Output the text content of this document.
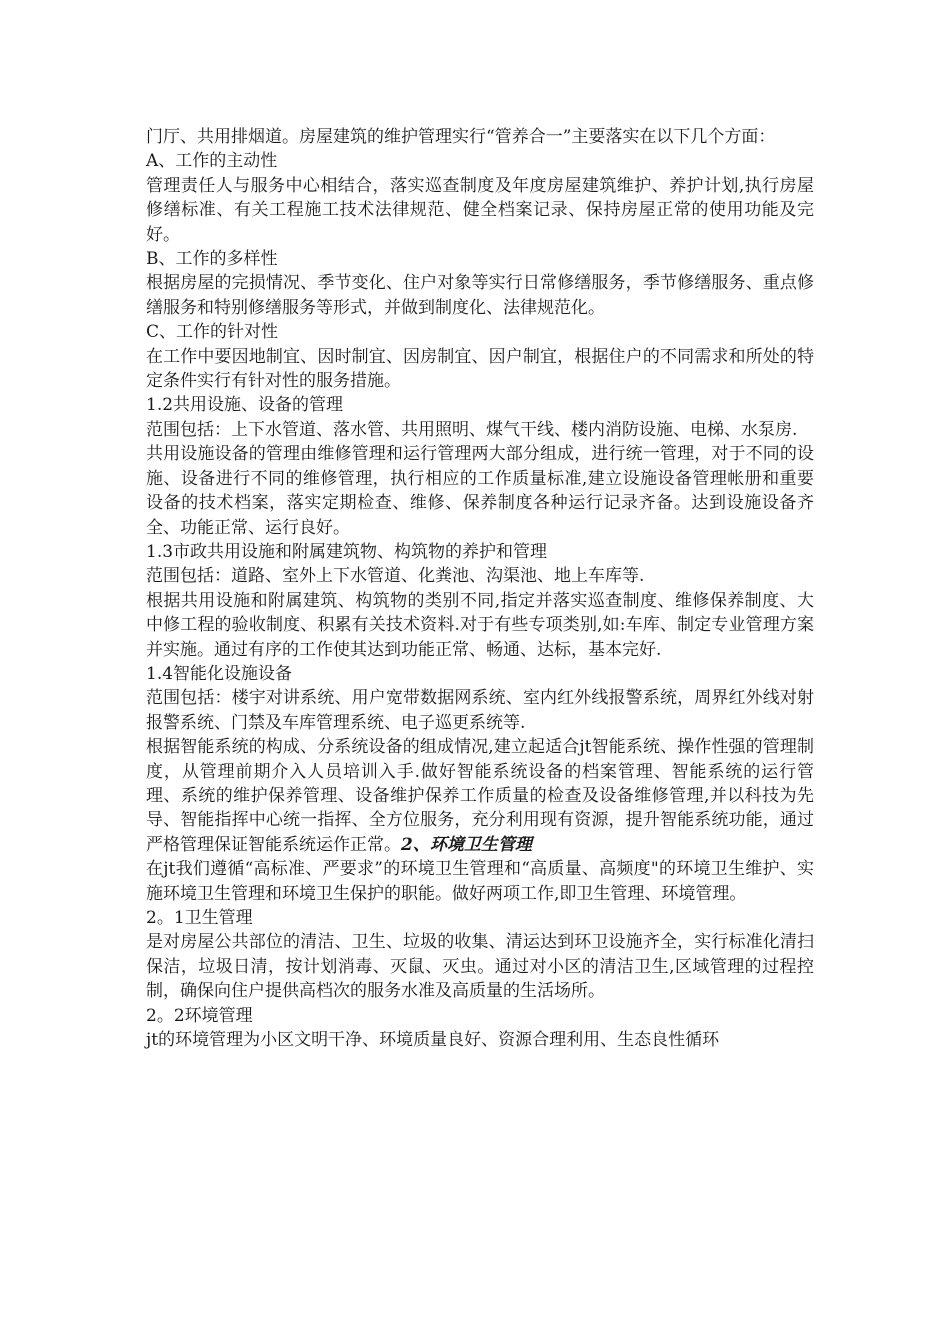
门厅、共用排烟道。房屋建筑的维护管理实行“管养合一”主要落实在以下几个方面：

A、工作的主动性

管理责任人与服务中心相结合，落实巡查制度及年度房屋建筑维护、养护计划,执行房屋修缮标准、有关工程施工技术法律规范、健全档案记录、保持房屋正常的使用功能及完好。

B、工作的多样性

根据房屋的完损情况、季节变化、住户对象等实行日常修缮服务，季节修缮服务、重点修缮服务和特别修缮服务等形式，并做到制度化、法律规范化。

C、工作的针对性

在工作中要因地制宜、因时制宜、因房制宜、因户制宜，根据住户的不同需求和所处的特定条件实行有针对性的服务措施。

1.2共用设施、设备的管理

范围包括：上下水管道、落水管、共用照明、煤气干线、楼内消防设施、电梯、水泵房.

共用设施设备的管理由维修管理和运行管理两大部分组成，进行统一管理，对于不同的设施、设备进行不同的维修管理，执行相应的工作质量标准,建立设施设备管理帐册和重要设备的技术档案，落实定期检查、维修、保养制度各种运行记录齐备。达到设施设备齐全、功能正常、运行良好。

1.3市政共用设施和附属建筑物、构筑物的养护和管理

范围包括：道路、室外上下水管道、化粪池、沟渠池、地上车库等.

根据共用设施和附属建筑、构筑物的类别不同,指定并落实巡查制度、维修保养制度、大中修工程的验收制度、积累有关技术资料.对于有些专项类别,如:车库、制定专业管理方案并实施。通过有序的工作使其达到功能正常、畅通、达标，基本完好.

1.4智能化设施设备

范围包括：楼宇对讲系统、用户宽带数据网系统、室内红外线报警系统，周界红外线对射报警系统、门禁及车库管理系统、电子巡更系统等.

根据智能系统的构成、分系统设备的组成情况,建立起适合jt智能系统、操作性强的管理制度，从管理前期介入人员培训入手.做好智能系统设备的档案管理、智能系统的运行管理、系统的维护保养管理、设备维护保养工作质量的检查及设备维修管理,并以科技为先导、智能指挥中心统一指挥、全方位服务，充分利用现有资源，提升智能系统功能，通过严格管理保证智能系统运作正常。2、环境卫生管理

在jt我们遵循“高标准、严要求”的环境卫生管理和“高质量、高频度"的环境卫生维护、实施环境卫生管理和环境卫生保护的职能。做好两项工作,即卫生管理、环境管理。

2。1卫生管理

是对房屋公共部位的清洁、卫生、垃圾的收集、清运达到环卫设施齐全，实行标准化清扫保洁，垃圾日清，按计划消毒、灭鼠、灭虫。通过对小区的清洁卫生,区域管理的过程控制，确保向住户提供高档次的服务水准及高质量的生活场所。

2。2环境管理

jt的环境管理为小区文明干净、环境质量良好、资源合理利用、生态良性循环
